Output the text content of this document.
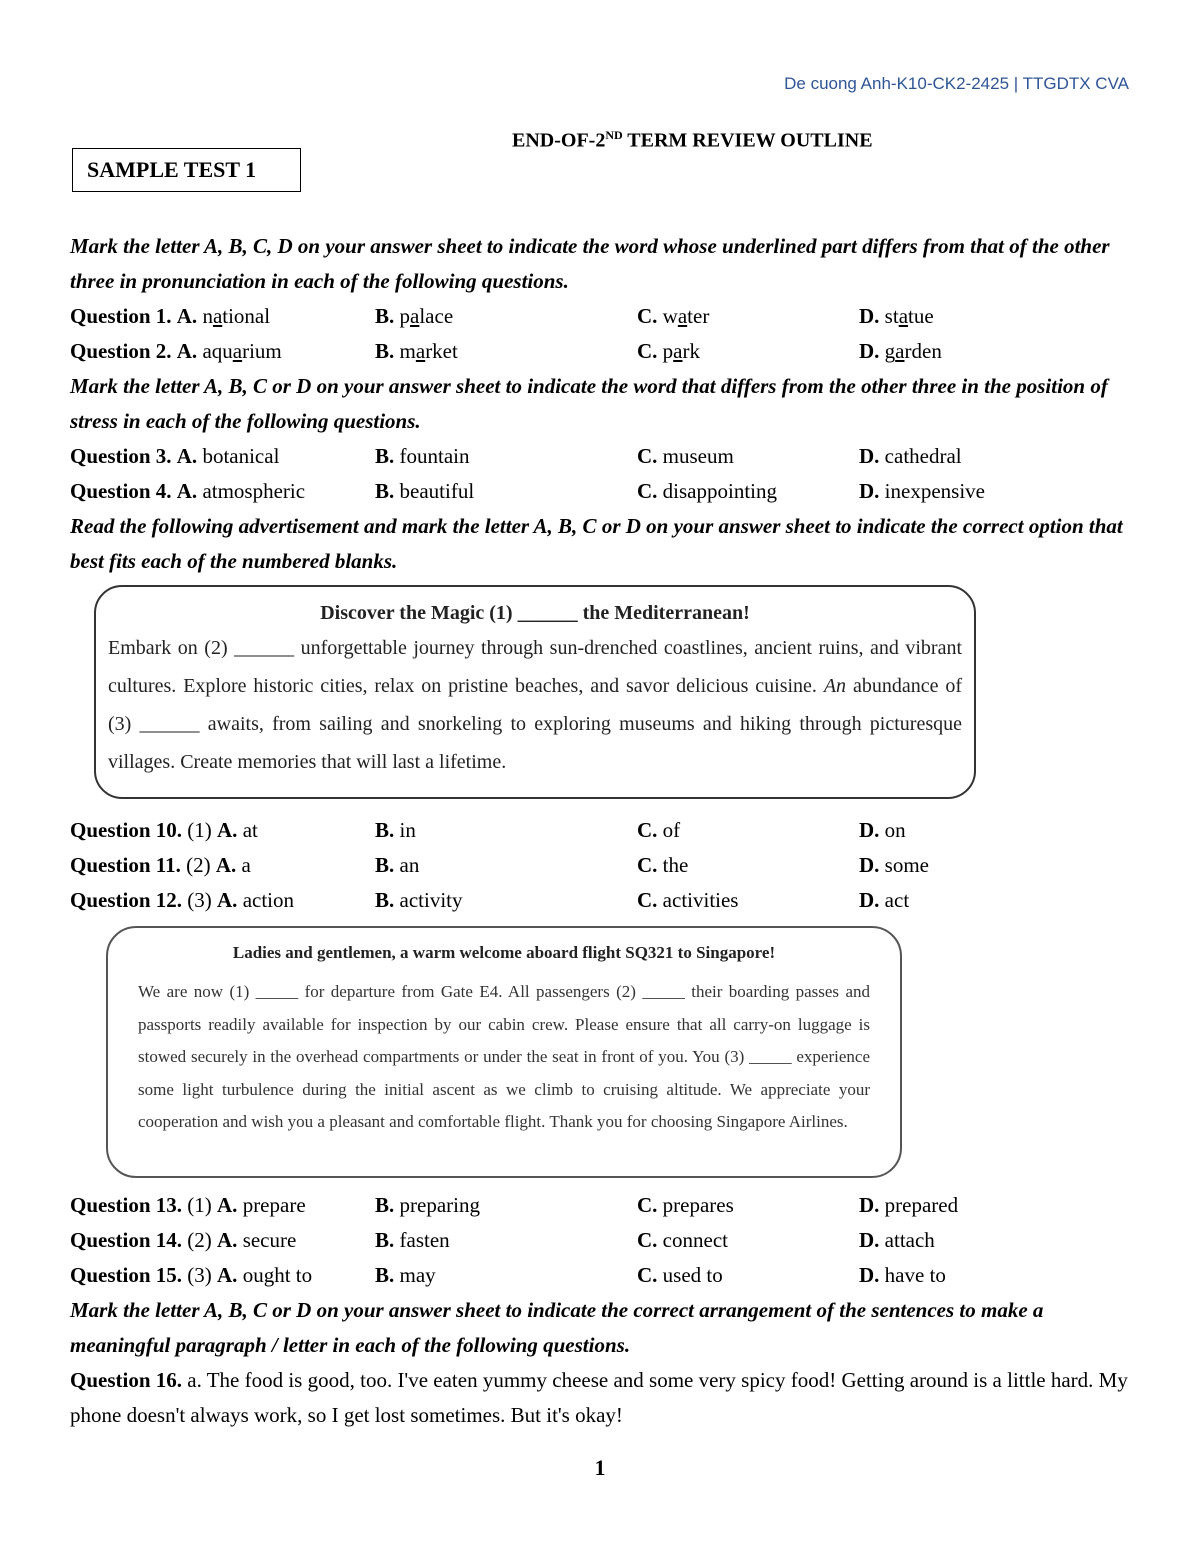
De cuong Anh-K10-CK2-2425 | TTGDTX CVA
END-OF-2ND TERM REVIEW OUTLINE
SAMPLE TEST 1
Mark the letter A, B, C, D on your answer sheet to indicate the word whose underlined part differs from that of the other three in pronunciation in each of the following questions.
Question 1. A. national	B. palace	C. water	D. statue
Question 2. A. aquarium	B. market	C. park	D. garden
Mark the letter A, B, C or D on your answer sheet to indicate the word that differs from the other three in the position of stress in each of the following questions.
Question 3. A. botanical	B. fountain	C. museum	D. cathedral
Question 4. A. atmospheric	B. beautiful	C. disappointing	D. inexpensive
Read the following advertisement and mark the letter A, B, C or D on your answer sheet to indicate the correct option that best fits each of the numbered blanks.
Discover the Magic (1) ______ the Mediterranean!
Embark on (2) ______ unforgettable journey through sun-drenched coastlines, ancient ruins, and vibrant cultures. Explore historic cities, relax on pristine beaches, and savor delicious cuisine. An abundance of (3) ______ awaits, from sailing and snorkeling to exploring museums and hiking through picturesque villages. Create memories that will last a lifetime.
Question 10. (1) A. at	B. in	C. of	D. on
Question 11. (2) A. a	B. an	C. the	D. some
Question 12. (3) A. action	B. activity	C. activities	D. act
Ladies and gentlemen, a warm welcome aboard flight SQ321 to Singapore!
We are now (1) _____ for departure from Gate E4. All passengers (2) _____ their boarding passes and passports readily available for inspection by our cabin crew. Please ensure that all carry-on luggage is stowed securely in the overhead compartments or under the seat in front of you. You (3) _____ experience some light turbulence during the initial ascent as we climb to cruising altitude. We appreciate your cooperation and wish you a pleasant and comfortable flight. Thank you for choosing Singapore Airlines.
Question 13. (1) A. prepare	B. preparing	C. prepares	D. prepared
Question 14. (2) A. secure	B. fasten	C. connect	D. attach
Question 15. (3) A. ought to	B. may	C. used to	D. have to
Mark the letter A, B, C or D on your answer sheet to indicate the correct arrangement of the sentences to make a meaningful paragraph / letter in each of the following questions.
Question 16. a. The food is good, too. I've eaten yummy cheese and some very spicy food! Getting around is a little hard. My phone doesn't always work, so I get lost sometimes. But it's okay!
1
